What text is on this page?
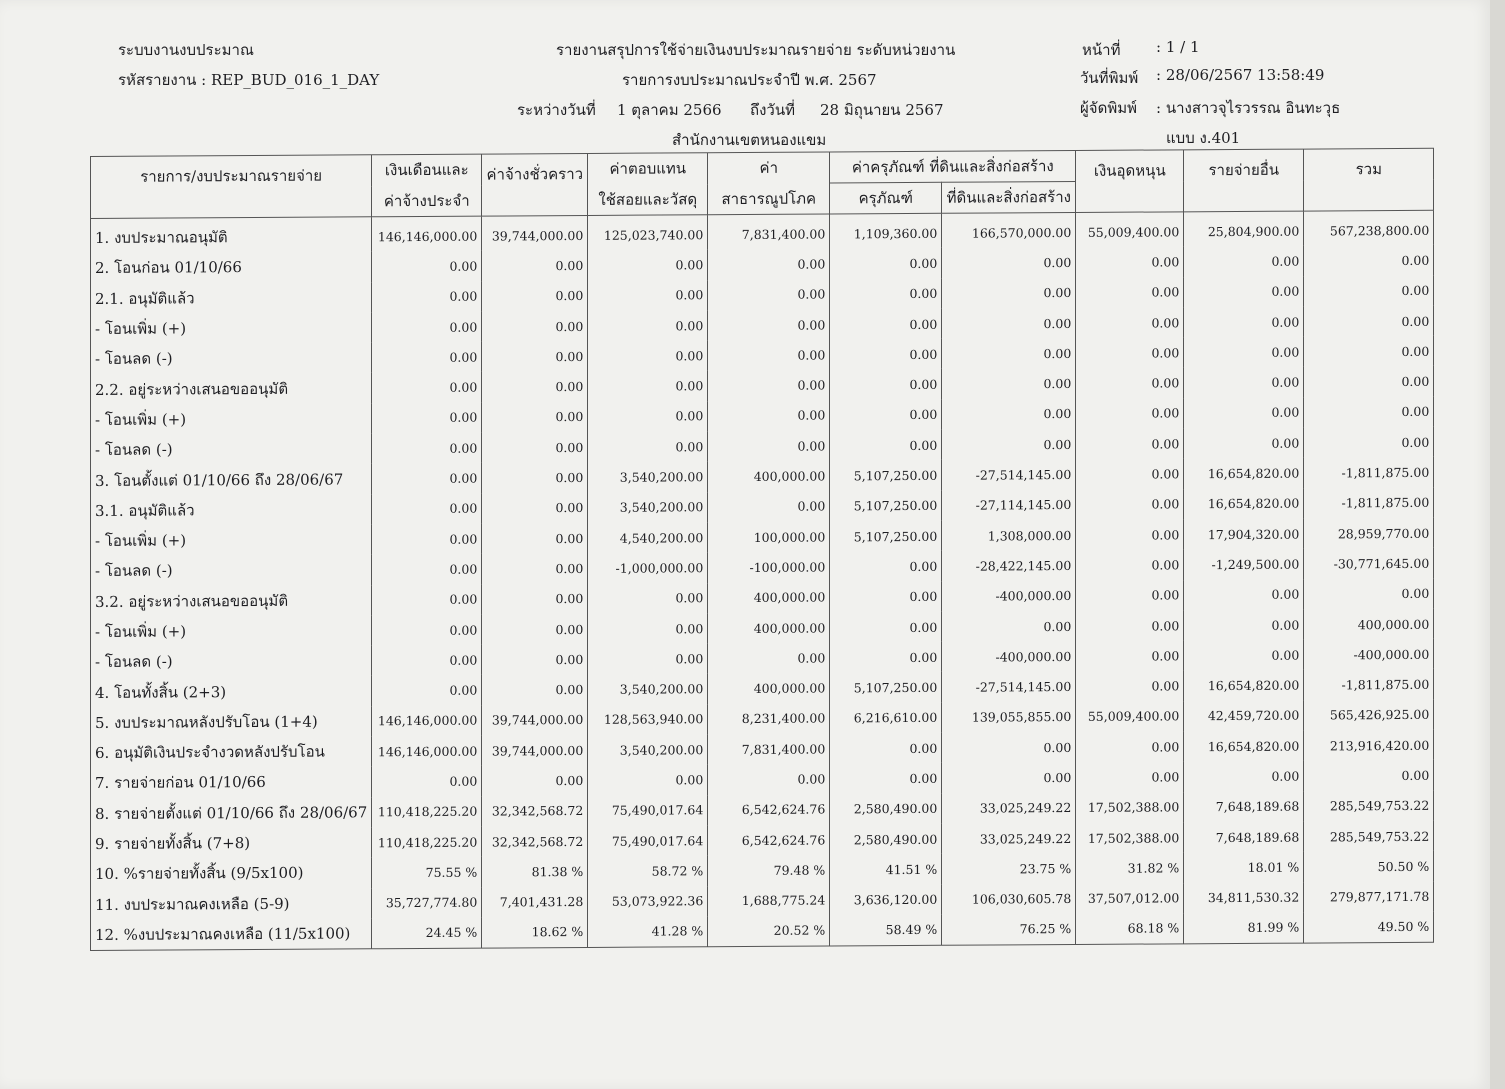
ระบบงานงบประมาณ
รหัสรายงาน : REP_BUD_016_1_DAY
รายงานสรุปการใช้จ่ายเงินงบประมาณรายจ่าย ระดับหน่วยงาน
รายการงบประมาณประจำปี พ.ศ. 2567
ระหว่างวันที่ 1 ตุลาคม 2566 ถึงวันที่ 28 มิถุนายน 2567
สำนักงานเขตหนองแขม
หน้าที่ : 1 / 1
วันที่พิมพ์ : 28/06/2567 13:58:49
ผู้จัดพิมพ์ : นางสาวจุไรวรรณ อินทะวุธ
แบบ ง.401
รายการ/งบประมาณรายจ่าย	เงินเดือนและ	ค่าจ้างชั่วคราว	ค่าตอบแทน	ค่า	ค่าครุภัณฑ์ ที่ดินและสิ่งก่อสร้าง		เงินอุดหนุน	รายจ่ายอื่น	รวม
	ค่าจ้างประจำ		ใช้สอยและวัสดุ	สาธารณูปโภค	ครุภัณฑ์	ที่ดินและสิ่งก่อสร้าง			
1. งบประมาณอนุมัติ	146,146,000.00	39,744,000.00	125,023,740.00	7,831,400.00	1,109,360.00	166,570,000.00	55,009,400.00	25,804,900.00	567,238,800.00
2. โอนก่อน 01/10/66	0.00	0.00	0.00	0.00	0.00	0.00	0.00	0.00	0.00
2.1. อนุมัติแล้ว	0.00	0.00	0.00	0.00	0.00	0.00	0.00	0.00	0.00
- โอนเพิ่ม (+)	0.00	0.00	0.00	0.00	0.00	0.00	0.00	0.00	0.00
- โอนลด (-)	0.00	0.00	0.00	0.00	0.00	0.00	0.00	0.00	0.00
2.2. อยู่ระหว่างเสนอขออนุมัติ	0.00	0.00	0.00	0.00	0.00	0.00	0.00	0.00	0.00
- โอนเพิ่ม (+)	0.00	0.00	0.00	0.00	0.00	0.00	0.00	0.00	0.00
- โอนลด (-)	0.00	0.00	0.00	0.00	0.00	0.00	0.00	0.00	0.00
3. โอนตั้งแต่ 01/10/66 ถึง 28/06/67	0.00	0.00	3,540,200.00	400,000.00	5,107,250.00	-27,514,145.00	0.00	16,654,820.00	-1,811,875.00
3.1. อนุมัติแล้ว	0.00	0.00	3,540,200.00	0.00	5,107,250.00	-27,114,145.00	0.00	16,654,820.00	-1,811,875.00
- โอนเพิ่ม (+)	0.00	0.00	4,540,200.00	100,000.00	5,107,250.00	1,308,000.00	0.00	17,904,320.00	28,959,770.00
- โอนลด (-)	0.00	0.00	-1,000,000.00	-100,000.00	0.00	-28,422,145.00	0.00	-1,249,500.00	-30,771,645.00
3.2. อยู่ระหว่างเสนอขออนุมัติ	0.00	0.00	0.00	400,000.00	0.00	-400,000.00	0.00	0.00	0.00
- โอนเพิ่ม (+)	0.00	0.00	0.00	400,000.00	0.00	0.00	0.00	0.00	400,000.00
- โอนลด (-)	0.00	0.00	0.00	0.00	0.00	-400,000.00	0.00	0.00	-400,000.00
4. โอนทั้งสิ้น (2+3)	0.00	0.00	3,540,200.00	400,000.00	5,107,250.00	-27,514,145.00	0.00	16,654,820.00	-1,811,875.00
5. งบประมาณหลังปรับโอน (1+4)	146,146,000.00	39,744,000.00	128,563,940.00	8,231,400.00	6,216,610.00	139,055,855.00	55,009,400.00	42,459,720.00	565,426,925.00
6. อนุมัติเงินประจำงวดหลังปรับโอน	146,146,000.00	39,744,000.00	3,540,200.00	7,831,400.00	0.00	0.00	0.00	16,654,820.00	213,916,420.00
7. รายจ่ายก่อน 01/10/66	0.00	0.00	0.00	0.00	0.00	0.00	0.00	0.00	0.00
8. รายจ่ายตั้งแต่ 01/10/66 ถึง 28/06/67	110,418,225.20	32,342,568.72	75,490,017.64	6,542,624.76	2,580,490.00	33,025,249.22	17,502,388.00	7,648,189.68	285,549,753.22
9. รายจ่ายทั้งสิ้น (7+8)	110,418,225.20	32,342,568.72	75,490,017.64	6,542,624.76	2,580,490.00	33,025,249.22	17,502,388.00	7,648,189.68	285,549,753.22
10. %รายจ่ายทั้งสิ้น (9/5x100)	75.55 %	81.38 %	58.72 %	79.48 %	41.51 %	23.75 %	31.82 %	18.01 %	50.50 %
11. งบประมาณคงเหลือ (5-9)	35,727,774.80	7,401,431.28	53,073,922.36	1,688,775.24	3,636,120.00	106,030,605.78	37,507,012.00	34,811,530.32	279,877,171.78
12. %งบประมาณคงเหลือ (11/5x100)	24.45 %	18.62 %	41.28 %	20.52 %	58.49 %	76.25 %	68.18 %	81.99 %	49.50 %
